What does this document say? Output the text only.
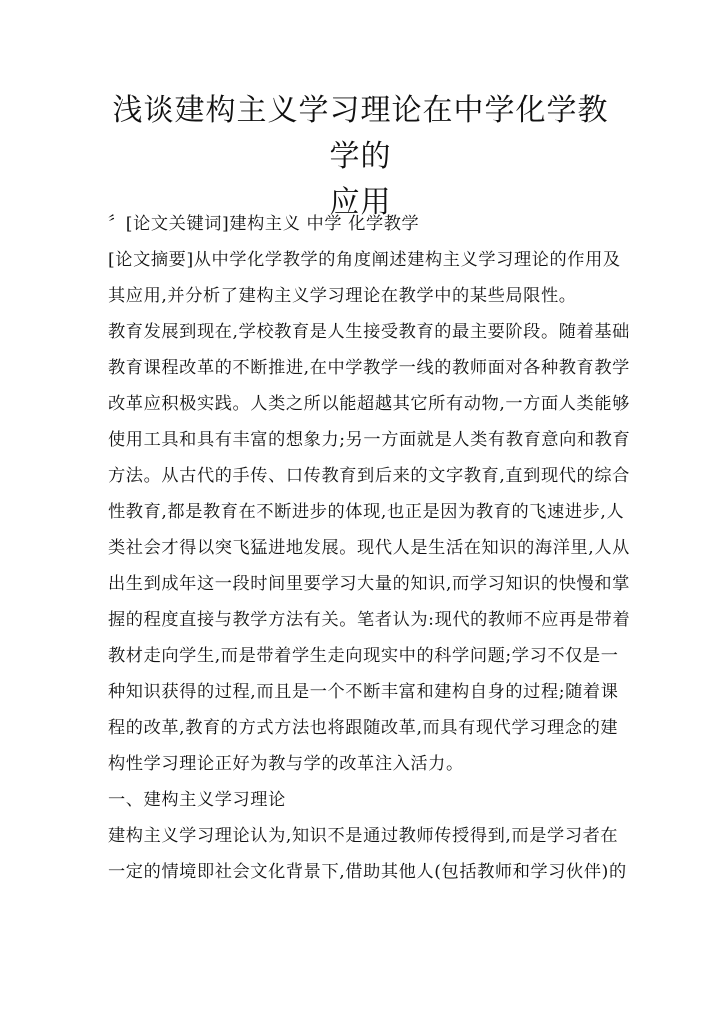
浅谈建构主义学习理论在中学化学教学的
应用
〞[论文关键词]建构主义 中学 化学教学
[论文摘要]从中学化学教学的角度阐述建构主义学习理论的作用及
其应用,并分析了建构主义学习理论在教学中的某些局限性。
教育发展到现在,学校教育是人生接受教育的最主要阶段。随着基础
教育课程改革的不断推进,在中学教学一线的教师面对各种教育教学
改革应积极实践。人类之所以能超越其它所有动物,一方面人类能够
使用工具和具有丰富的想象力;另一方面就是人类有教育意向和教育
方法。从古代的手传、口传教育到后来的文字教育,直到现代的综合
性教育,都是教育在不断进步的体现,也正是因为教育的飞速进步,人
类社会才得以突飞猛进地发展。现代人是生活在知识的海洋里,人从
出生到成年这一段时间里要学习大量的知识,而学习知识的快慢和掌
握的程度直接与教学方法有关。笔者认为:现代的教师不应再是带着
教材走向学生,而是带着学生走向现实中的科学问题;学习不仅是一
种知识获得的过程,而且是一个不断丰富和建构自身的过程;随着课
程的改革,教育的方式方法也将跟随改革,而具有现代学习理念的建
构性学习理论正好为教与学的改革注入活力。
一、建构主义学习理论
建构主义学习理论认为,知识不是通过教师传授得到,而是学习者在
一定的情境即社会文化背景下,借助其他人(包括教师和学习伙伴)的
